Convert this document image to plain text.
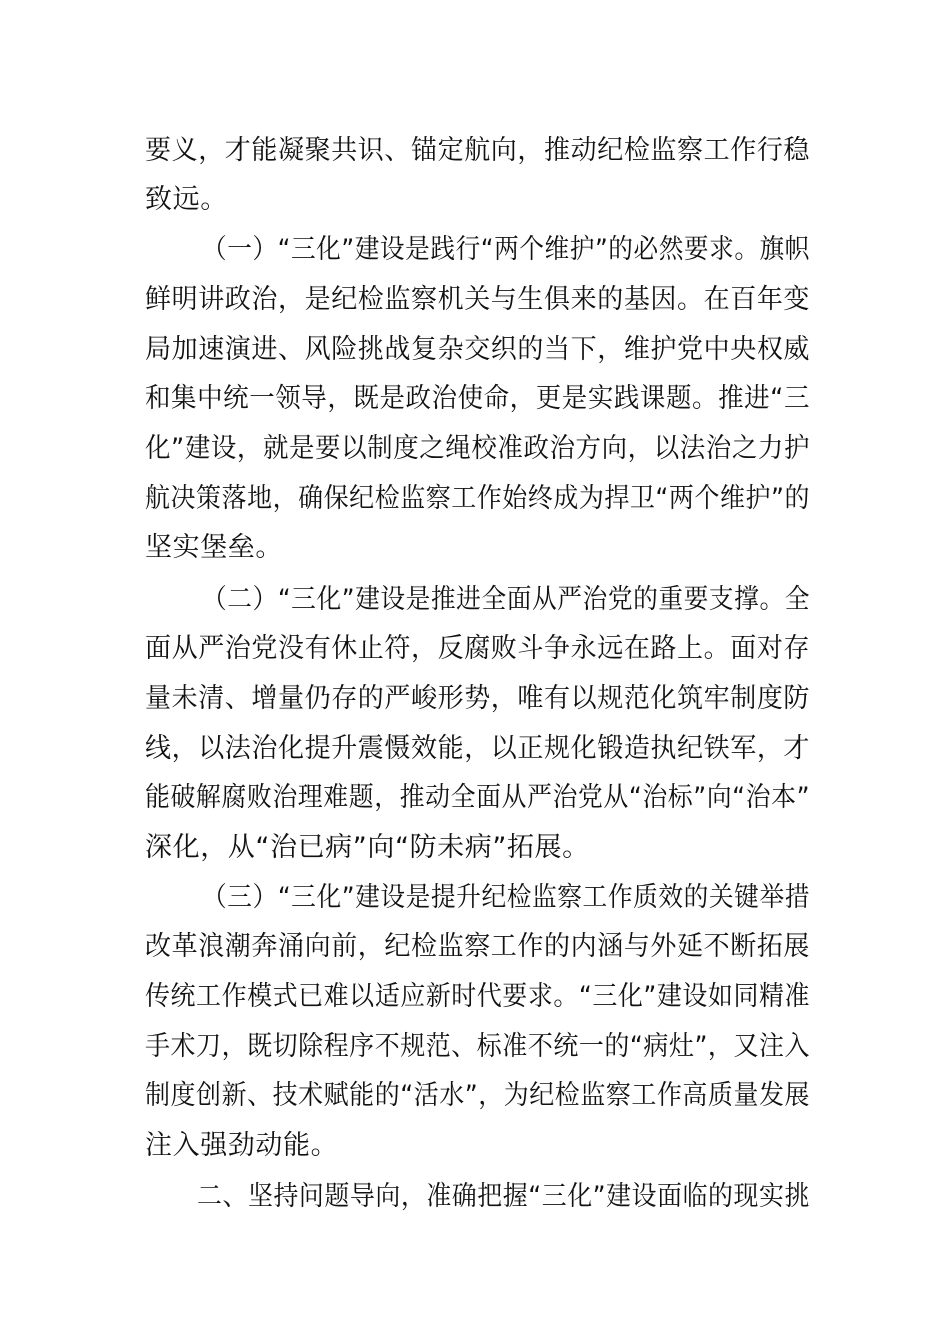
要义，才能凝聚共识、锚定航向，推动纪检监察工作行稳
致远。
（一）“三化”建设是践行“两个维护”的必然要求。旗帜
鲜明讲政治，是纪检监察机关与生俱来的基因。在百年变
局加速演进、风险挑战复杂交织的当下，维护党中央权威
和集中统一领导，既是政治使命，更是实践课题。推进“三
化”建设，就是要以制度之绳校准政治方向，以法治之力护
航决策落地，确保纪检监察工作始终成为捍卫“两个维护”的
坚实堡垒。
（二）“三化”建设是推进全面从严治党的重要支撑。全
面从严治党没有休止符，反腐败斗争永远在路上。面对存
量未清、增量仍存的严峻形势，唯有以规范化筑牢制度防
线，以法治化提升震慑效能，以正规化锻造执纪铁军，才
能破解腐败治理难题，推动全面从严治党从“治标”向“治本”
深化，从“治已病”向“防未病”拓展。
（三）“三化”建设是提升纪检监察工作质效的关键举措
改革浪潮奔涌向前，纪检监察工作的内涵与外延不断拓展
传统工作模式已难以适应新时代要求。“三化”建设如同精准
手术刀，既切除程序不规范、标准不统一的“病灶”，又注入
制度创新、技术赋能的“活水”，为纪检监察工作高质量发展
注入强劲动能。
二、坚持问题导向，准确把握“三化”建设面临的现实挑
